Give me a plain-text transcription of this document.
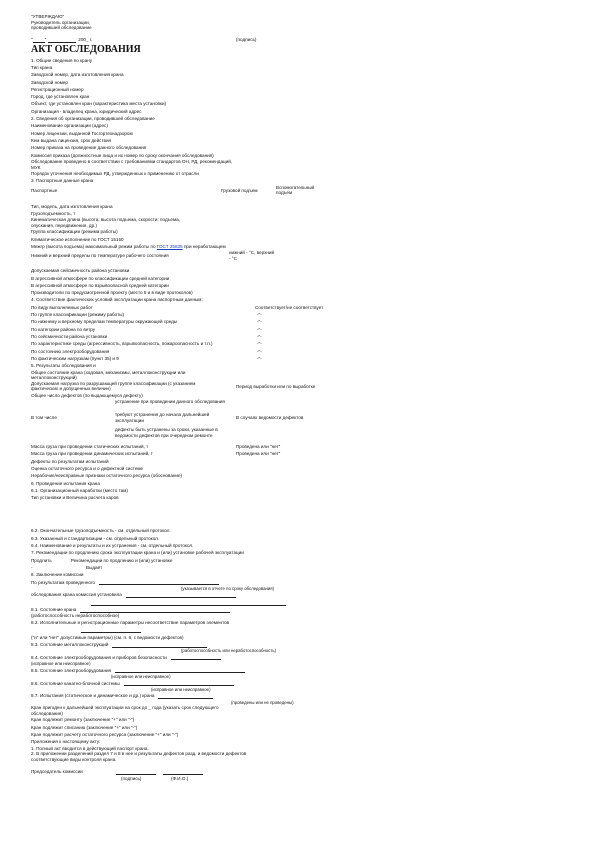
"УТВЕРЖДАЮ"
Руководитель организации,
проводившей обследование
"	"	200_ г.	(подпись)
АКТ ОБСЛЕДОВАНИЯ
1. Общие сведения по крану
Тип крана
Заводской номер, дата изготовления крана
Заводской номер
Регистрационный номер
Город, где установлен кран
Объект, где установлен кран (характеристика места установки)
Организация - владелец крана, юридический адрес
2. Сведения об организации, проводившей обследование
Наименование организации (адрес)
Номер лицензии, выданной Госгортехнадзором
Кем выдана лицензия, срок действия
Номер приказа на проведение данного обследования
Комиссия приказа (должностные лица и их номер по сроку окончания обследования)
Обследование проведено в соответствии с требованиями стандартов ОН, РД, рекомендаций,
МУК
Порядок уточнения необходимых РД, утвержденных к применению от отрасли
3. Паспортные данные крана
Паспортные	Грузовой подъем
Вспомогательный
подъем
Тип, модель, дата изготовления крана
Грузоподъемность, т
Кинематическая длина (высота; высота подъема, скорости: подъема,
опускания, передвижения, др.)
Группа классификации (режима работы)
Климатическое исполнение по ГОСТ 15150
Межгр (высота подъема) максимальный режим работы по
ГОСТ 25835
при неработающем
Нижний и верхний пределы по температуре рабочего состояния
нижний - °С, верхний
- °С
Допускаемая сейсмичность района установки
В агрессивной атмосфере по классификации средней категории
В агрессивной атмосфере по взрывоопасной средней категории
Производители по предусмотренной проекту (место 5 и в виде протоколов)
4. Соответствие фактических условий эксплуатации крана паспортным данным:
По виду выполняемых работ	Соответствует/не соответствует
По группе классификации (режиму работы)	-"-
По нижнему и верхнему пределам температуры окружающей среды	-"-
По категории района по ветру	-"-
По сейсмичности района установки	-"-
По характеристике среды (агрессивность, взрывоопасность, пожароопасность и т.п.)	-"-
По состоянию электрооборудования	-"-
По фактическим нагрузкам (пункт 35) и 9	-"-
5. Результаты обследования и
Общее состояние крана (ходовая, механизмы, металлоконструкции или
металлоконструкций)
Допускаемая нагрузка по разрушающей группе классификации (с указанием
Период выработки или по выработке
фактических и допущенных величин)
Общее число дефектов (по выдающемуся дефекту)
В том числе
устранение при проведении данного обследования
требуют устранения до начала дальнейшей эксплуатации
дефекты быть устранены за сроки, указанные в ведомости дефектов при очередном ремонте
В случаях ведомости дефектов
Масса груза при проведении статических испытаний, т	Проведена или "нет"
Масса груза при проведении динамических испытаний, т	Проведена или "нет"
Дефекты по результатам испытаний
Оценка остаточного ресурса и о дефектной системе
Нерабочие/неисправные признаки остаточного ресурса (обоснование)
6. Проведение испытания крана
6.1. Организационный наработки (место там)
Тип установки и Величина расчета каров
6.2. Окончательные грузоподъемность - см. отдельный протокол.
6.3. Указанный и стандартизации - см. отдельный протокол.
6.4. Наименование и результаты и их устранения - см. отдельный протокол.
7. Рекомендации по продлению срока эксплуатации крана и (или) установке рабочей эксплуатации
Продлить	Рекомендации по продлению и (или) установке
-	Выдаёт
8. Заключение комиссии
По результатам проведенного
(указывается в отчете по сроку обследования)
обследования крана комиссия установила
8.1. Состояние крана
(работоспособность неработоспособное)
8.2. Исполнительные и регистрационные параметры несоответствие параметров элементов
("и" или "нет" допустимые параметры) (см. п. 6, с ведомости дефектов)
8.3. Состояние металлоконструкций
(работоспособность или неработоспособность)
8.4. Состояние электрооборудования и приборов безопасности
(исправное или неисправное)
8.5. Состояние электрооборудования
(исправное или неисправное)
8.6. Состояние канатно-блочной системы
(исправное или неисправное)
8.7. Испытания (статическое и динамическое и др.) крана
(проведены или не проведены)
Кран пригоден к дальнейшей эксплуатации на срок до _ года (указать срок следующего
обследования)
Кран подлежит ремонту (заключение "+" или "-")
Кран подлежит списанию (заключение "+" или "-")
Кран подлежит расчету остаточного ресурса (заключение "+" или "-")
Приложения к настоящему акту:
1. Полный акт вводится в действующий паспорт крана.
2. В приложении разделений раздел 7 и 8 в нее и результаты дефектов разд. и ведомости дефектов
соответствующие виды контроля крана.
Председатель комиссии
(подпись)	(Ф.И.О.)
